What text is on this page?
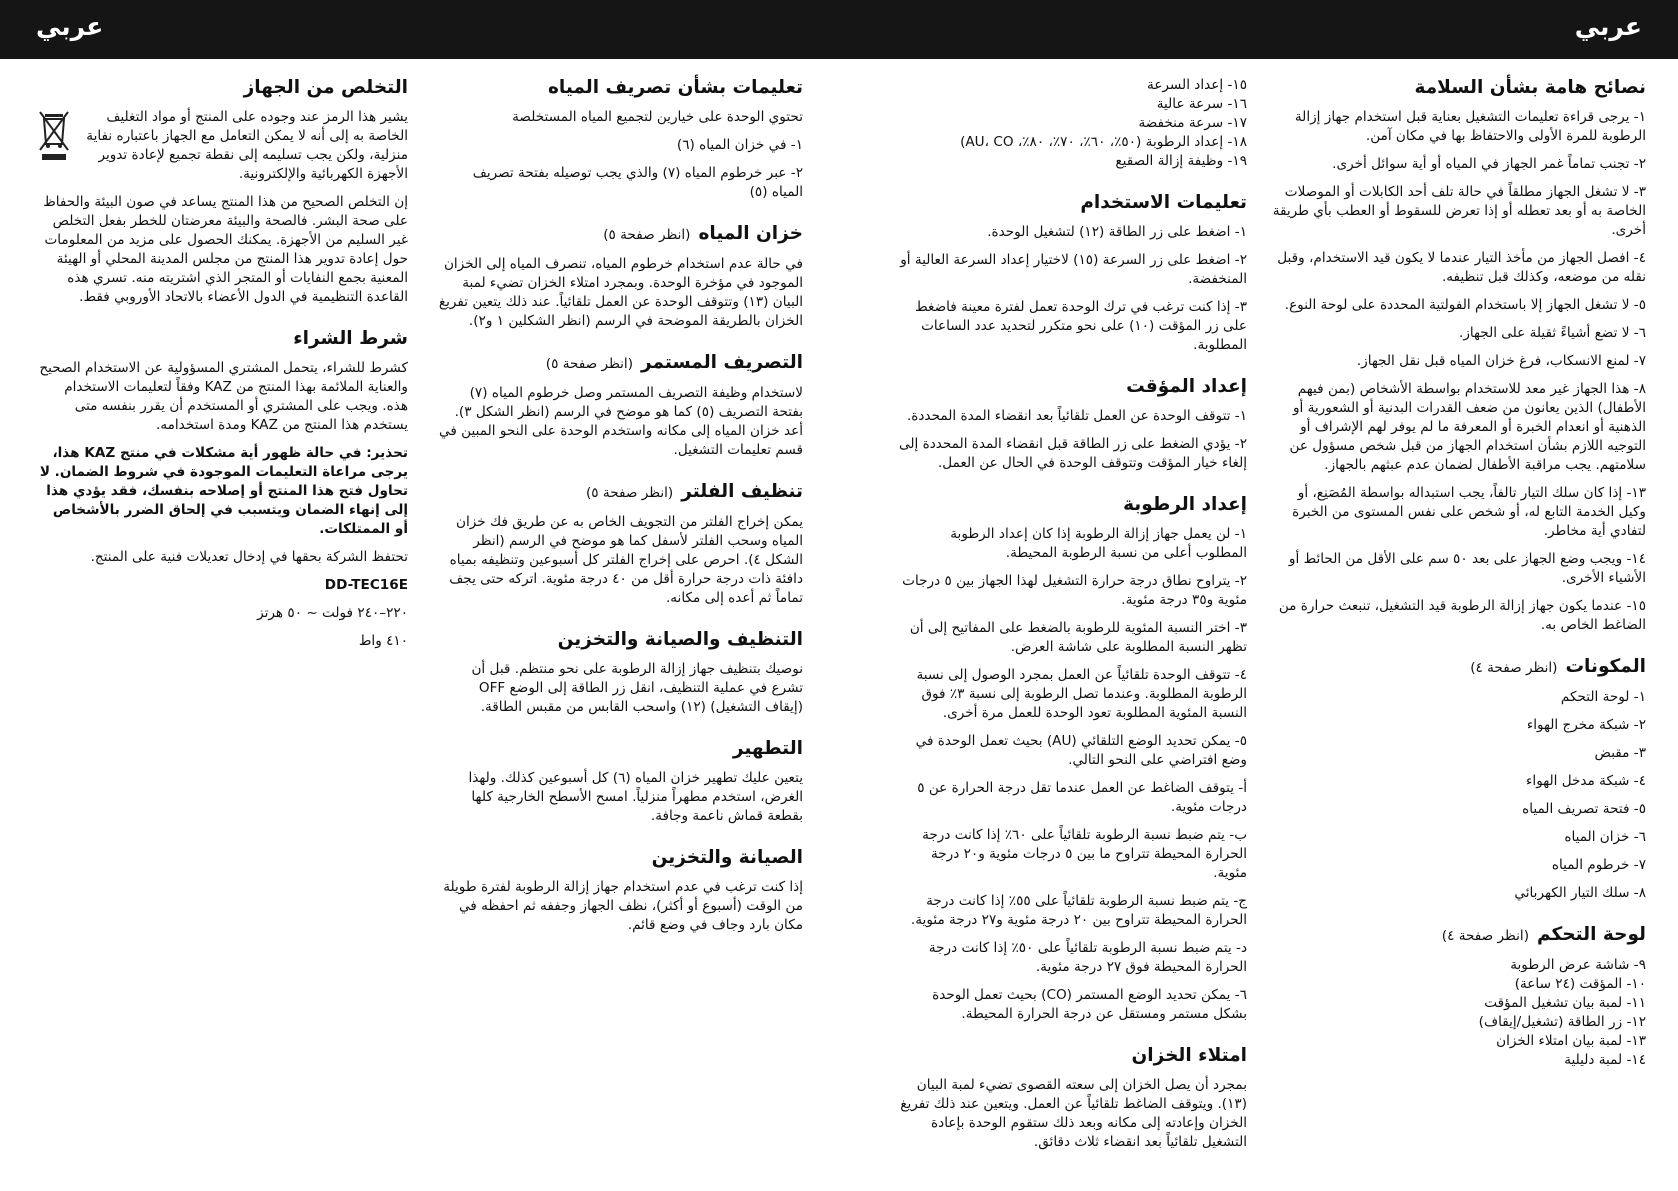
عربي	عربي
نصائح هامة بشأن السلامة
١- يرجى قراءة تعليمات التشغيل بعناية قبل استخدام جهاز إزالة الرطوبة للمرة الأولى والاحتفاظ بها في مكان آمن.
٢- تجنب تماماً غمر الجهاز في المياه أو أية سوائل أخرى.
٣- لا تشغل الجهاز مطلقاً في حالة تلف أحد الكابلات أو الموصلات الخاصة به أو بعد تعطله أو إذا تعرض للسقوط أو العطب بأي طريقة أخرى.
٤- افصل الجهاز من مأخذ التيار عندما لا يكون قيد الاستخدام، وقبل نقله من موضعه، وكذلك قبل تنظيفه.
٥- لا تشغل الجهاز إلا باستخدام الفولتية المحددة على لوحة النوع.
٦- لا تضع أشياءً ثقيلة على الجهاز.
٧- لمنع الانسكاب، فرغ خزان المياه قبل نقل الجهاز.
٨- هذا الجهاز غير معد للاستخدام بواسطة الأشخاص (بمن فيهم الأطفال) الذين يعانون من ضعف القدرات البدنية أو الشعورية أو الذهنية أو انعدام الخبرة أو المعرفة ما لم يوفر لهم الإشراف أو التوجيه اللازم بشأن استخدام الجهاز من قبل شخص مسؤول عن سلامتهم. يجب مراقبة الأطفال لضمان عدم عبثهم بالجهاز.
١٣- إذا كان سلك التيار تالفاً، يجب استبداله بواسطة المُصَنِع، أو وكيل الخدمة التابع له، أو شخص على نفس المستوى من الخبرة لتفادي أية مخاطر.
١٤- ويجب وضع الجهاز على بعد ٥٠ سم على الأقل من الحائط أو الأشياء الأخرى.
١٥- عندما يكون جهاز إزالة الرطوبة قيد التشغيل، تنبعث حرارة من الضاغط الخاص به.
المكونات(انظر صفحة ٤)
١- لوحة التحكم
٢- شبكة مخرج الهواء
٣- مقبض
٤- شبكة مدخل الهواء
٥- فتحة تصريف المياه
٦- خزان المياه
٧- خرطوم المياه
٨- سلك التيار الكهربائي
لوحة التحكم(انظر صفحة ٤)
٩- شاشة عرض الرطوبة
١٠- المؤقت (٢٤ ساعة)
١١- لمبة بيان تشغيل المؤقت
١٢- زر الطاقة (تشغيل/إيقاف)
١٣- لمبة بيان امتلاء الخزان
١٤- لمبة دليلية
١٥- إعداد السرعة
١٦- سرعة عالية
١٧- سرعة منخفضة
١٨- إعداد الرطوبة (٥٠٪، ٦٠٪، ٧٠٪، ٨٠٪، AU، CO)
١٩- وظيفة إزالة الصقيع
تعليمات الاستخدام
١- اضغط على زر الطاقة (١٢) لتشغيل الوحدة.
٢- اضغط على زر السرعة (١٥) لاختيار إعداد السرعة العالية أو المنخفضة.
٣- إذا كنت ترغب في ترك الوحدة تعمل لفترة معينة فاضغط على زر المؤقت (١٠) على نحو متكرر لتحديد عدد الساعات المطلوبة.
إعداد المؤقت
١- تتوقف الوحدة عن العمل تلقائياً بعد انقضاء المدة المحددة.
٢- يؤدي الضغط على زر الطاقة قبل انقضاء المدة المحددة إلى إلغاء خيار المؤقت وتتوقف الوحدة في الحال عن العمل.
إعداد الرطوبة
١- لن يعمل جهاز إزالة الرطوبة إذا كان إعداد الرطوبة المطلوب أعلى من نسبة الرطوبة المحيطة.
٢- يتراوح نطاق درجة حرارة التشغيل لهذا الجهاز بين ٥ درجات مئوية و٣٥ درجة مئوية.
٣- اختر النسبة المئوية للرطوبة بالضغط على المفاتيح إلى أن تظهر النسبة المطلوبة على شاشة العرض.
٤- تتوقف الوحدة تلقائياً عن العمل بمجرد الوصول إلى نسبة الرطوبة المطلوبة. وعندما تصل الرطوبة إلى نسبة ٣٪ فوق النسبة المئوية المطلوبة تعود الوحدة للعمل مرة أخرى.
٥- يمكن تحديد الوضع التلقائي (AU) بحيث تعمل الوحدة في وضع افتراضي على النحو التالي.
أ- يتوقف الضاغط عن العمل عندما تقل درجة الحرارة عن ٥ درجات مئوية.
ب- يتم ضبط نسبة الرطوبة تلقائياً على ٦٠٪ إذا كانت درجة الحرارة المحيطة تتراوح ما بين ٥ درجات مئوية و٢٠ درجة مئوية.
ج- يتم ضبط نسبة الرطوبة تلقائياً على ٥٥٪ إذا كانت درجة الحرارة المحيطة تتراوح بين ٢٠ درجة مئوية و٢٧ درجة مئوية.
د- يتم ضبط نسبة الرطوبة تلقائياً على ٥٠٪ إذا كانت درجة الحرارة المحيطة فوق ٢٧ درجة مئوية.
٦- يمكن تحديد الوضع المستمر (CO) بحيث تعمل الوحدة بشكل مستمر ومستقل عن درجة الحرارة المحيطة.
امتلاء الخزان

بمجرد أن يصل الخزان إلى سعته القصوى تضيء لمبة البيان (١٣). ويتوقف الضاغط تلقائياً عن العمل. ويتعين عند ذلك تفريغ الخزان وإعادته إلى مكانه وبعد ذلك ستقوم الوحدة بإعادة التشغيل تلقائياً بعد انقضاء ثلاث دقائق.

تعليمات بشأن تصريف المياه

تحتوي الوحدة على خيارين لتجميع المياه المستخلصة

١- في خزان المياه (٦)
٢- عبر خرطوم المياه (٧) والذي يجب توصيله بفتحة تصريف المياه (٥)
خزان المياه(انظر صفحة ٥)

في حالة عدم استخدام خرطوم المياه، تنصرف المياه إلى الخزان الموجود في مؤخرة الوحدة. وبمجرد امتلاء الخزان تضيء لمبة البيان (١٣) وتتوقف الوحدة عن العمل تلقائياً. عند ذلك يتعين تفريغ الخزان بالطريقة الموضحة في الرسم (انظر الشكلين ١ و٢).

التصريف المستمر(انظر صفحة ٥)

لاستخدام وظيفة التصريف المستمر وصل خرطوم المياه (٧) بفتحة التصريف (٥) كما هو موضح في الرسم (انظر الشكل ٣). أعد خزان المياه إلى مكانه واستخدم الوحدة على النحو المبين في قسم تعليمات التشغيل.

تنظيف الفلتر(انظر صفحة ٥)

يمكن إخراج الفلتر من التجويف الخاص به عن طريق فك خزان المياه وسحب الفلتر لأسفل كما هو موضح في الرسم (انظر الشكل ٤). احرص على إخراج الفلتر كل أسبوعين وتنظيفه بمياه دافئة ذات درجة حرارة أقل من ٤٠ درجة مئوية. اتركه حتى يجف تماماً ثم أعده إلى مكانه.

التنظيف والصيانة والتخزين

نوصيك بتنظيف جهاز إزالة الرطوبة على نحو منتظم. قبل أن تشرع في عملية التنظيف، انقل زر الطاقة إلى الوضع OFF (إيقاف التشغيل) (١٢) واسحب القابس من مقبس الطاقة.

التطهير

يتعين عليك تطهير خزان المياه (٦) كل أسبوعين كذلك. ولهذا الغرض، استخدم مطهراً منزلياً. امسح الأسطح الخارجية كلها بقطعة قماش ناعمة وجافة.

الصيانة والتخزين

إذا كنت ترغب في عدم استخدام جهاز إزالة الرطوبة لفترة طويلة من الوقت (أسبوع أو أكثر)، نظف الجهاز وجففه ثم احفظه في مكان بارد وجاف في وضع قائم.

التخلص من الجهاز

يشير هذا الرمز عند وجوده على المنتج أو مواد التغليف الخاصة به إلى أنه لا يمكن التعامل مع الجهاز باعتباره نفاية منزلية، ولكن يجب تسليمه إلى نقطة تجميع لإعادة تدوير الأجهزة الكهربائية والإلكترونية.

إن التخلص الصحيح من هذا المنتج يساعد في صون البيئة والحفاظ على صحة البشر. فالصحة والبيئة معرضتان للخطر بفعل التخلص غير السليم من الأجهزة. يمكنك الحصول على مزيد من المعلومات حول إعادة تدوير هذا المنتج من مجلس المدينة المحلي أو الهيئة المعنية بجمع النفايات أو المتجر الذي اشتريته منه. تسري هذه القاعدة التنظيمية في الدول الأعضاء بالاتحاد الأوروبي فقط.

شرط الشراء

كشرط للشراء، يتحمل المشتري المسؤولية عن الاستخدام الصحيح والعناية الملائمة بهذا المنتج من KAZ وفقاً لتعليمات الاستخدام هذه. ويجب على المشتري أو المستخدم أن يقرر بنفسه متى يستخدم هذا المنتج من KAZ ومدة استخدامه.

تحذير: في حالة ظهور أية مشكلات في منتج KAZ هذا، يرجى مراعاة التعليمات الموجودة في شروط الضمان. لا تحاول فتح هذا المنتج أو إصلاحه بنفسك، فقد يؤدي هذا إلى إنهاء الضمان ويتسبب في إلحاق الضرر بالأشخاص أو الممتلكات.

تحتفظ الشركة بحقها في إدخال تعديلات فنية على المنتج.

DD-TEC16E

٢٢٠–٢٤٠ فولت ~ ٥٠ هرتز

٤١٠ واط
